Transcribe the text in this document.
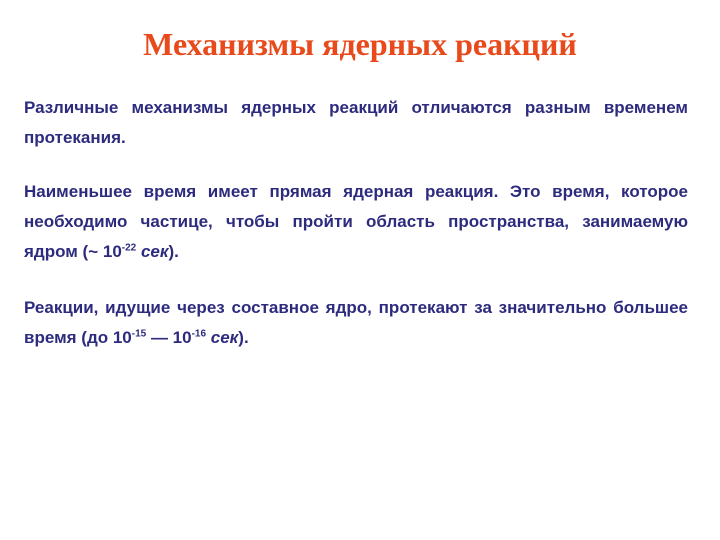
Механизмы ядерных реакций

Различные механизмы ядерных реакций отличаются разным временем протекания.

Наименьшее время имеет прямая ядерная реакция. Это время, которое необходимо частице, чтобы пройти область пространства, занимаемую ядром (~ $10^{-22}$ сек).

Реакции, идущие через составное ядро, протекают за значительно большее время (до $10^{-15}$ — $10^{-16}$ сек).
